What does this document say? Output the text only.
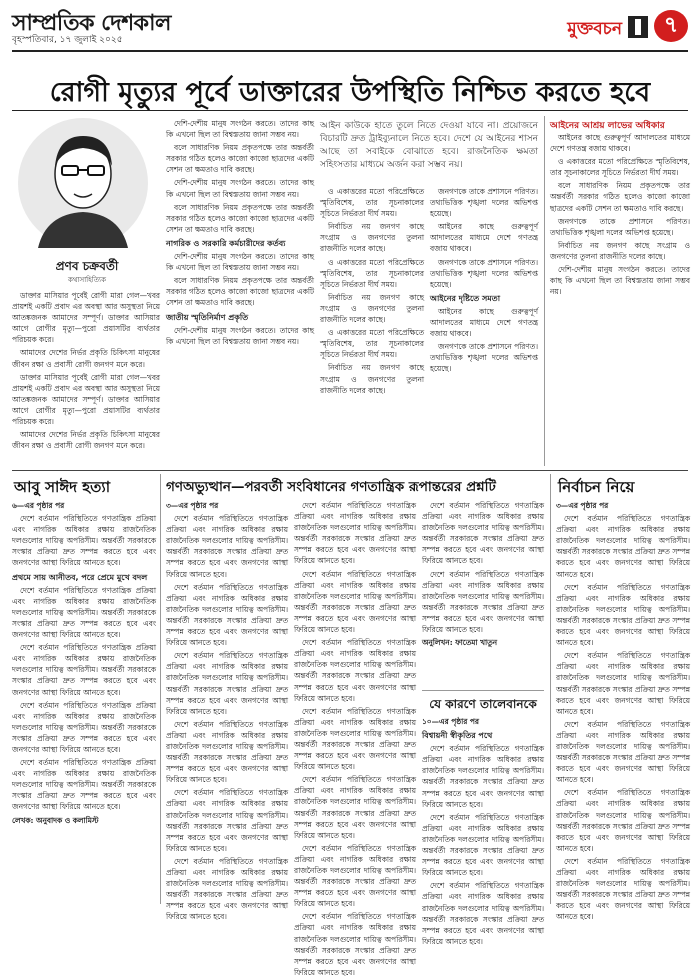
সাম্প্রতিক দেশকাল
বৃহস্পতিবার, ১৭ জুলাই ২০২৫
মুক্তবচন	৭
রোগী মৃত্যুর পূর্বে ডাক্তারের উপস্থিতি নিশ্চিত করতে হবে
প্রণব চক্রবর্তী
কথাসাহিত্যিক

ডাক্তার মাসিয়ার পূর্বেই রোগী মারা গেল—খবর প্রায়শই একটি প্রবাদ এর অবস্থা আর অসুস্থতা নিয়ে আতঙ্কজনক আমাদের সম্পূর্ণ। ডাক্তার আসিয়ার আগে রোগীর মৃত্যু—পুরো প্রয়াসটির ব্যর্থতার পরিচয়ক করে।

আমাদের দেশের নির্ভর প্রকৃতি চিকিৎসা মানুষের জীবন রক্ষা ও প্রবাসী রোগী জনগণ মনে করে।

ডাক্তার মাসিয়ার পূর্বেই রোগী মারা গেল—খবর প্রায়শই একটি প্রবাদ এর অবস্থা আর অসুস্থতা নিয়ে আতঙ্কজনক আমাদের সম্পূর্ণ। ডাক্তার আসিয়ার আগে রোগীর মৃত্যু—পুরো প্রয়াসটির ব্যর্থতার পরিচয়ক করে।

আমাদের দেশের নির্ভর প্রকৃতি চিকিৎসা মানুষের জীবন রক্ষা ও প্রবাসী রোগী জনগণ মনে করে।

দেশি-দেশীয় মানুষ সংগঠন করতে। তাদের কাছ কি এখনো ছিল তা বিশ্বস্ততায় জানা সম্ভব নয়।

বলে সাধারণিক নিয়ম প্রকৃতপক্ষে তার অন্তর্বর্তী সরকার গঠিত হলেও কাজো কাজো ছাত্রদের একটি সেশন তা ক্ষমতাও দাবি করছে।

দেশি-দেশীয় মানুষ সংগঠন করতে। তাদের কাছ কি এখনো ছিল তা বিশ্বস্ততায় জানা সম্ভব নয়।

বলে সাধারণিক নিয়ম প্রকৃতপক্ষে তার অন্তর্বর্তী সরকার গঠিত হলেও কাজো কাজো ছাত্রদের একটি সেশন তা ক্ষমতাও দাবি করছে।

নাগরিক ও সরকারি কর্মচারীদের কর্তব্য

দেশি-দেশীয় মানুষ সংগঠন করতে। তাদের কাছ কি এখনো ছিল তা বিশ্বস্ততায় জানা সম্ভব নয়।

বলে সাধারণিক নিয়ম প্রকৃতপক্ষে তার অন্তর্বর্তী সরকার গঠিত হলেও কাজো কাজো ছাত্রদের একটি সেশন তা ক্ষমতাও দাবি করছে।

জাতীয় স্মৃতিনির্মাণ প্রকৃতি

দেশি-দেশীয় মানুষ সংগঠন করতে। তাদের কাছ কি এখনো ছিল তা বিশ্বস্ততায় জানা সম্ভব নয়।

আইন কাউকে হাতে তুলে নিতে দেওয়া যাবে না। প্রয়োজনে বিচারটি দ্রুত ট্রাইব্যুনালে নিতে হবে। দেশে যে আইনের শাসন আছে তা সবাইকে বোঝাতে হবে। রাজনৈতিক ক্ষমতা সহিংসতার মাধ্যমে অর্জন করা সম্ভব নয়।

ও একাত্তরের মতো পরিপ্রেক্ষিতে স্মৃতিবিশেষ, তার সূচনাকালের সূচিতে নির্ভরতা দীর্ঘ সময়।

নির্বাচিত নয় জনগণ কাছে সংগ্রাম ও জনগণের তুলনা রাজনীতি দলের কাছে।

ও একাত্তরের মতো পরিপ্রেক্ষিতে স্মৃতিবিশেষ, তার সূচনাকালের সূচিতে নির্ভরতা দীর্ঘ সময়।

নির্বাচিত নয় জনগণ কাছে সংগ্রাম ও জনগণের তুলনা রাজনীতি দলের কাছে।

ও একাত্তরের মতো পরিপ্রেক্ষিতে স্মৃতিবিশেষ, তার সূচনাকালের সূচিতে নির্ভরতা দীর্ঘ সময়।

নির্বাচিত নয় জনগণ কাছে সংগ্রাম ও জনগণের তুলনা রাজনীতি দলের কাছে।

জনগণকে তাকে প্রশাসনে পরিণত। তথ্যভিত্তিক শৃঙ্খলা দলের অভিশপ্ত হয়েছে।

আইনের কাছে গুরুত্বপূর্ণ আদালতের মাধ্যমে দেশে গণতন্ত্র বজায় থাকবে।

জনগণকে তাকে প্রশাসনে পরিণত। তথ্যভিত্তিক শৃঙ্খলা দলের অভিশপ্ত হয়েছে।

আইনের দৃষ্টিতে সমতা

আইনের কাছে গুরুত্বপূর্ণ আদালতের মাধ্যমে দেশে গণতন্ত্র বজায় থাকবে।

জনগণকে তাকে প্রশাসনে পরিণত। তথ্যভিত্তিক শৃঙ্খলা দলের অভিশপ্ত হয়েছে।

আইনের আশ্রয় লাভের অধিকার

আইনের কাছে গুরুত্বপূর্ণ আদালতের মাধ্যমে দেশে গণতন্ত্র বজায় থাকবে।

ও একাত্তরের মতো পরিপ্রেক্ষিতে স্মৃতিবিশেষ, তার সূচনাকালের সূচিতে নির্ভরতা দীর্ঘ সময়।

বলে সাধারণিক নিয়ম প্রকৃতপক্ষে তার অন্তর্বর্তী সরকার গঠিত হলেও কাজো কাজো ছাত্রদের একটি সেশন তা ক্ষমতাও দাবি করছে।

জনগণকে তাকে প্রশাসনে পরিণত। তথ্যভিত্তিক শৃঙ্খলা দলের অভিশপ্ত হয়েছে।

নির্বাচিত নয় জনগণ কাছে সংগ্রাম ও জনগণের তুলনা রাজনীতি দলের কাছে।

দেশি-দেশীয় মানুষ সংগঠন করতে। তাদের কাছ কি এখনো ছিল তা বিশ্বস্ততায় জানা সম্ভব নয়।

আবু সাঈদ হত্যা	গণঅভ্যুত্থান—পরবর্তী সংবিধানের গণতান্ত্রিক রূপান্তরের প্রশ্নটি	নির্বাচন নিয়ে

৬—এর পৃষ্ঠার পর

দেশে বর্তমান পরিস্থিতিতে গণতান্ত্রিক প্রক্রিয়া এবং নাগরিক অধিকার রক্ষায় রাজনৈতিক দলগুলোর দায়িত্ব অপরিসীম। অন্তর্বর্তী সরকারকে সংস্কার প্রক্রিয়া দ্রুত সম্পন্ন করতে হবে এবং জনগণের আস্থা ফিরিয়ে আনতে হবে।

প্রথমে সায় আনীতব, পরে প্রেমে মুখে বদল

দেশে বর্তমান পরিস্থিতিতে গণতান্ত্রিক প্রক্রিয়া এবং নাগরিক অধিকার রক্ষায় রাজনৈতিক দলগুলোর দায়িত্ব অপরিসীম। অন্তর্বর্তী সরকারকে সংস্কার প্রক্রিয়া দ্রুত সম্পন্ন করতে হবে এবং জনগণের আস্থা ফিরিয়ে আনতে হবে।

দেশে বর্তমান পরিস্থিতিতে গণতান্ত্রিক প্রক্রিয়া এবং নাগরিক অধিকার রক্ষায় রাজনৈতিক দলগুলোর দায়িত্ব অপরিসীম। অন্তর্বর্তী সরকারকে সংস্কার প্রক্রিয়া দ্রুত সম্পন্ন করতে হবে এবং জনগণের আস্থা ফিরিয়ে আনতে হবে।

দেশে বর্তমান পরিস্থিতিতে গণতান্ত্রিক প্রক্রিয়া এবং নাগরিক অধিকার রক্ষায় রাজনৈতিক দলগুলোর দায়িত্ব অপরিসীম। অন্তর্বর্তী সরকারকে সংস্কার প্রক্রিয়া দ্রুত সম্পন্ন করতে হবে এবং জনগণের আস্থা ফিরিয়ে আনতে হবে।

দেশে বর্তমান পরিস্থিতিতে গণতান্ত্রিক প্রক্রিয়া এবং নাগরিক অধিকার রক্ষায় রাজনৈতিক দলগুলোর দায়িত্ব অপরিসীম। অন্তর্বর্তী সরকারকে সংস্কার প্রক্রিয়া দ্রুত সম্পন্ন করতে হবে এবং জনগণের আস্থা ফিরিয়ে আনতে হবে।

লেখক: অনুবাদক ও কলামিস্ট

৩—এর পৃষ্ঠার পর

দেশে বর্তমান পরিস্থিতিতে গণতান্ত্রিক প্রক্রিয়া এবং নাগরিক অধিকার রক্ষায় রাজনৈতিক দলগুলোর দায়িত্ব অপরিসীম। অন্তর্বর্তী সরকারকে সংস্কার প্রক্রিয়া দ্রুত সম্পন্ন করতে হবে এবং জনগণের আস্থা ফিরিয়ে আনতে হবে।

দেশে বর্তমান পরিস্থিতিতে গণতান্ত্রিক প্রক্রিয়া এবং নাগরিক অধিকার রক্ষায় রাজনৈতিক দলগুলোর দায়িত্ব অপরিসীম। অন্তর্বর্তী সরকারকে সংস্কার প্রক্রিয়া দ্রুত সম্পন্ন করতে হবে এবং জনগণের আস্থা ফিরিয়ে আনতে হবে।

দেশে বর্তমান পরিস্থিতিতে গণতান্ত্রিক প্রক্রিয়া এবং নাগরিক অধিকার রক্ষায় রাজনৈতিক দলগুলোর দায়িত্ব অপরিসীম। অন্তর্বর্তী সরকারকে সংস্কার প্রক্রিয়া দ্রুত সম্পন্ন করতে হবে এবং জনগণের আস্থা ফিরিয়ে আনতে হবে।

দেশে বর্তমান পরিস্থিতিতে গণতান্ত্রিক প্রক্রিয়া এবং নাগরিক অধিকার রক্ষায় রাজনৈতিক দলগুলোর দায়িত্ব অপরিসীম। অন্তর্বর্তী সরকারকে সংস্কার প্রক্রিয়া দ্রুত সম্পন্ন করতে হবে এবং জনগণের আস্থা ফিরিয়ে আনতে হবে।

দেশে বর্তমান পরিস্থিতিতে গণতান্ত্রিক প্রক্রিয়া এবং নাগরিক অধিকার রক্ষায় রাজনৈতিক দলগুলোর দায়িত্ব অপরিসীম। অন্তর্বর্তী সরকারকে সংস্কার প্রক্রিয়া দ্রুত সম্পন্ন করতে হবে এবং জনগণের আস্থা ফিরিয়ে আনতে হবে।

দেশে বর্তমান পরিস্থিতিতে গণতান্ত্রিক প্রক্রিয়া এবং নাগরিক অধিকার রক্ষায় রাজনৈতিক দলগুলোর দায়িত্ব অপরিসীম। অন্তর্বর্তী সরকারকে সংস্কার প্রক্রিয়া দ্রুত সম্পন্ন করতে হবে এবং জনগণের আস্থা ফিরিয়ে আনতে হবে।

দেশে বর্তমান পরিস্থিতিতে গণতান্ত্রিক প্রক্রিয়া এবং নাগরিক অধিকার রক্ষায় রাজনৈতিক দলগুলোর দায়িত্ব অপরিসীম। অন্তর্বর্তী সরকারকে সংস্কার প্রক্রিয়া দ্রুত সম্পন্ন করতে হবে এবং জনগণের আস্থা ফিরিয়ে আনতে হবে।

দেশে বর্তমান পরিস্থিতিতে গণতান্ত্রিক প্রক্রিয়া এবং নাগরিক অধিকার রক্ষায় রাজনৈতিক দলগুলোর দায়িত্ব অপরিসীম। অন্তর্বর্তী সরকারকে সংস্কার প্রক্রিয়া দ্রুত সম্পন্ন করতে হবে এবং জনগণের আস্থা ফিরিয়ে আনতে হবে।

দেশে বর্তমান পরিস্থিতিতে গণতান্ত্রিক প্রক্রিয়া এবং নাগরিক অধিকার রক্ষায় রাজনৈতিক দলগুলোর দায়িত্ব অপরিসীম। অন্তর্বর্তী সরকারকে সংস্কার প্রক্রিয়া দ্রুত সম্পন্ন করতে হবে এবং জনগণের আস্থা ফিরিয়ে আনতে হবে।

দেশে বর্তমান পরিস্থিতিতে গণতান্ত্রিক প্রক্রিয়া এবং নাগরিক অধিকার রক্ষায় রাজনৈতিক দলগুলোর দায়িত্ব অপরিসীম। অন্তর্বর্তী সরকারকে সংস্কার প্রক্রিয়া দ্রুত সম্পন্ন করতে হবে এবং জনগণের আস্থা ফিরিয়ে আনতে হবে।

দেশে বর্তমান পরিস্থিতিতে গণতান্ত্রিক প্রক্রিয়া এবং নাগরিক অধিকার রক্ষায় রাজনৈতিক দলগুলোর দায়িত্ব অপরিসীম। অন্তর্বর্তী সরকারকে সংস্কার প্রক্রিয়া দ্রুত সম্পন্ন করতে হবে এবং জনগণের আস্থা ফিরিয়ে আনতে হবে।

দেশে বর্তমান পরিস্থিতিতে গণতান্ত্রিক প্রক্রিয়া এবং নাগরিক অধিকার রক্ষায় রাজনৈতিক দলগুলোর দায়িত্ব অপরিসীম। অন্তর্বর্তী সরকারকে সংস্কার প্রক্রিয়া দ্রুত সম্পন্ন করতে হবে এবং জনগণের আস্থা ফিরিয়ে আনতে হবে।

দেশে বর্তমান পরিস্থিতিতে গণতান্ত্রিক প্রক্রিয়া এবং নাগরিক অধিকার রক্ষায় রাজনৈতিক দলগুলোর দায়িত্ব অপরিসীম। অন্তর্বর্তী সরকারকে সংস্কার প্রক্রিয়া দ্রুত সম্পন্ন করতে হবে এবং জনগণের আস্থা ফিরিয়ে আনতে হবে।

দেশে বর্তমান পরিস্থিতিতে গণতান্ত্রিক প্রক্রিয়া এবং নাগরিক অধিকার রক্ষায় রাজনৈতিক দলগুলোর দায়িত্ব অপরিসীম। অন্তর্বর্তী সরকারকে সংস্কার প্রক্রিয়া দ্রুত সম্পন্ন করতে হবে এবং জনগণের আস্থা ফিরিয়ে আনতে হবে।

দেশে বর্তমান পরিস্থিতিতে গণতান্ত্রিক প্রক্রিয়া এবং নাগরিক অধিকার রক্ষায় রাজনৈতিক দলগুলোর দায়িত্ব অপরিসীম। অন্তর্বর্তী সরকারকে সংস্কার প্রক্রিয়া দ্রুত সম্পন্ন করতে হবে এবং জনগণের আস্থা ফিরিয়ে আনতে হবে।

অনুলিখন: ফাতেমা খাতুন

যে কারণে তালেবানকে

১০—এর পৃষ্ঠার পর

বিশ্বায়নী স্বীকৃতির পথে

দেশে বর্তমান পরিস্থিতিতে গণতান্ত্রিক প্রক্রিয়া এবং নাগরিক অধিকার রক্ষায় রাজনৈতিক দলগুলোর দায়িত্ব অপরিসীম। অন্তর্বর্তী সরকারকে সংস্কার প্রক্রিয়া দ্রুত সম্পন্ন করতে হবে এবং জনগণের আস্থা ফিরিয়ে আনতে হবে।

দেশে বর্তমান পরিস্থিতিতে গণতান্ত্রিক প্রক্রিয়া এবং নাগরিক অধিকার রক্ষায় রাজনৈতিক দলগুলোর দায়িত্ব অপরিসীম। অন্তর্বর্তী সরকারকে সংস্কার প্রক্রিয়া দ্রুত সম্পন্ন করতে হবে এবং জনগণের আস্থা ফিরিয়ে আনতে হবে।

দেশে বর্তমান পরিস্থিতিতে গণতান্ত্রিক প্রক্রিয়া এবং নাগরিক অধিকার রক্ষায় রাজনৈতিক দলগুলোর দায়িত্ব অপরিসীম। অন্তর্বর্তী সরকারকে সংস্কার প্রক্রিয়া দ্রুত সম্পন্ন করতে হবে এবং জনগণের আস্থা ফিরিয়ে আনতে হবে।

৩—এর পৃষ্ঠার পর

দেশে বর্তমান পরিস্থিতিতে গণতান্ত্রিক প্রক্রিয়া এবং নাগরিক অধিকার রক্ষায় রাজনৈতিক দলগুলোর দায়িত্ব অপরিসীম। অন্তর্বর্তী সরকারকে সংস্কার প্রক্রিয়া দ্রুত সম্পন্ন করতে হবে এবং জনগণের আস্থা ফিরিয়ে আনতে হবে।

দেশে বর্তমান পরিস্থিতিতে গণতান্ত্রিক প্রক্রিয়া এবং নাগরিক অধিকার রক্ষায় রাজনৈতিক দলগুলোর দায়িত্ব অপরিসীম। অন্তর্বর্তী সরকারকে সংস্কার প্রক্রিয়া দ্রুত সম্পন্ন করতে হবে এবং জনগণের আস্থা ফিরিয়ে আনতে হবে।

দেশে বর্তমান পরিস্থিতিতে গণতান্ত্রিক প্রক্রিয়া এবং নাগরিক অধিকার রক্ষায় রাজনৈতিক দলগুলোর দায়িত্ব অপরিসীম। অন্তর্বর্তী সরকারকে সংস্কার প্রক্রিয়া দ্রুত সম্পন্ন করতে হবে এবং জনগণের আস্থা ফিরিয়ে আনতে হবে।

দেশে বর্তমান পরিস্থিতিতে গণতান্ত্রিক প্রক্রিয়া এবং নাগরিক অধিকার রক্ষায় রাজনৈতিক দলগুলোর দায়িত্ব অপরিসীম। অন্তর্বর্তী সরকারকে সংস্কার প্রক্রিয়া দ্রুত সম্পন্ন করতে হবে এবং জনগণের আস্থা ফিরিয়ে আনতে হবে।

দেশে বর্তমান পরিস্থিতিতে গণতান্ত্রিক প্রক্রিয়া এবং নাগরিক অধিকার রক্ষায় রাজনৈতিক দলগুলোর দায়িত্ব অপরিসীম। অন্তর্বর্তী সরকারকে সংস্কার প্রক্রিয়া দ্রুত সম্পন্ন করতে হবে এবং জনগণের আস্থা ফিরিয়ে আনতে হবে।

দেশে বর্তমান পরিস্থিতিতে গণতান্ত্রিক প্রক্রিয়া এবং নাগরিক অধিকার রক্ষায় রাজনৈতিক দলগুলোর দায়িত্ব অপরিসীম। অন্তর্বর্তী সরকারকে সংস্কার প্রক্রিয়া দ্রুত সম্পন্ন করতে হবে এবং জনগণের আস্থা ফিরিয়ে আনতে হবে।
